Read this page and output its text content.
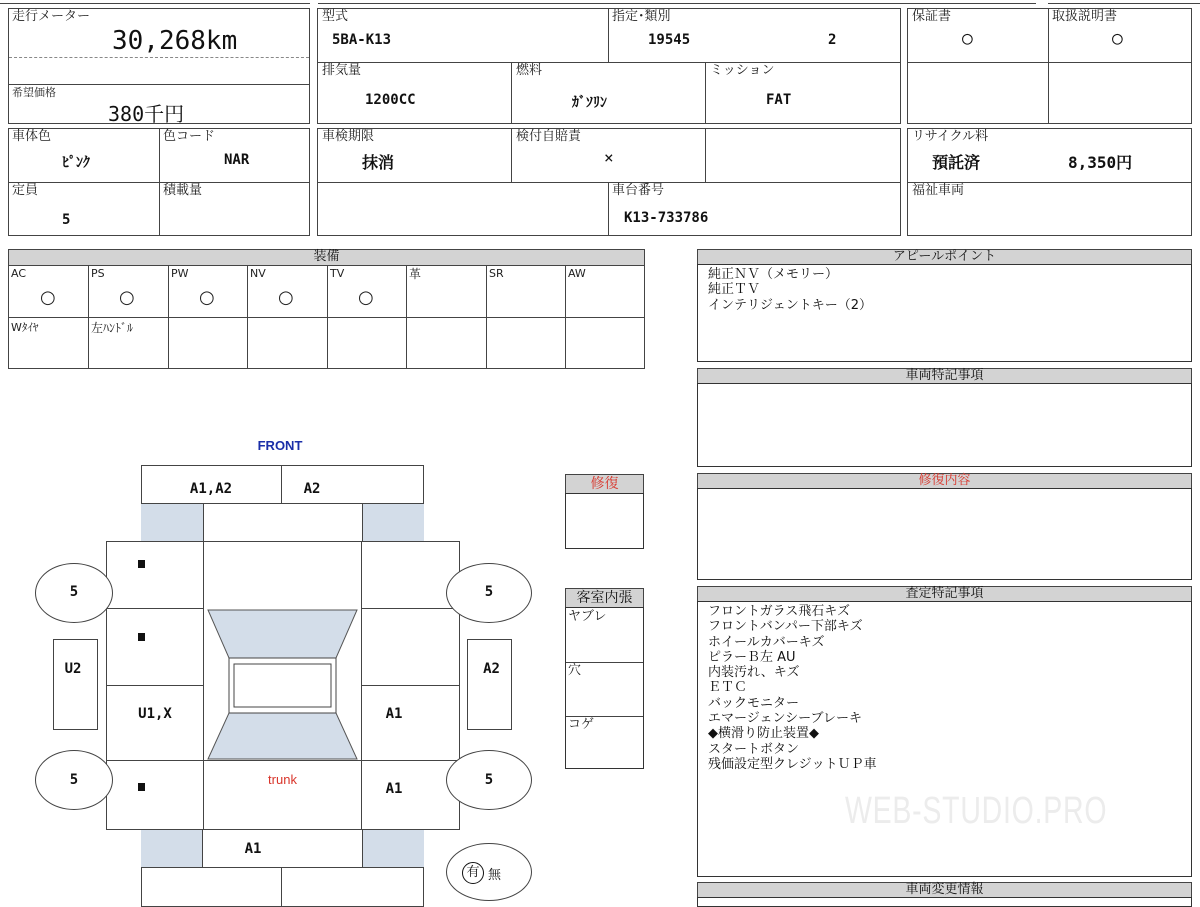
走行メーター
30,268km
希望価格
380千円
型式
5BA-K13
指定･類別
19545	2
排気量
1200CC
燃料
ｶﾞｿﾘﾝ
ミッション
FAT
保証書
○
取扱説明書
○
車体色
ﾋﾟﾝｸ
色コード
NAR
定員
5
積載量
車検期限
抹消
検付自賠責
×
車台番号
K13-733786
リサイクル料
預託済	8,350円
福祉車両
装備
AC	PS	PW	NV	TV	革	SR	AW
○	○	○	○	○
Wﾀｲﾔ	左ﾊﾝﾄﾞﾙ
アピールポイント
純正ＮＶ（メモリー）
純正ＴＶ
インテリジェントキー（2）
車両特記事項
修復内容
査定特記事項
フロントガラス飛石キズ
フロントバンパー下部キズ
ホイールカバーキズ
ピラーＢ左 AU
内装汚れ、キズ
ＥＴＣ
バックモニター
エマージェンシーブレーキ
◆横滑り防止装置◆
スタートボタン
残価設定型クレジットＵＰ車
WEB-STUDIO.PRO
車両変更情報
修復
客室内張
ヤブレ
穴
コゲ
FRONT
A1,A2	A2
U1,X	A1
A1
trunk
A1
U2	A2
5	5
5	5
有 無
